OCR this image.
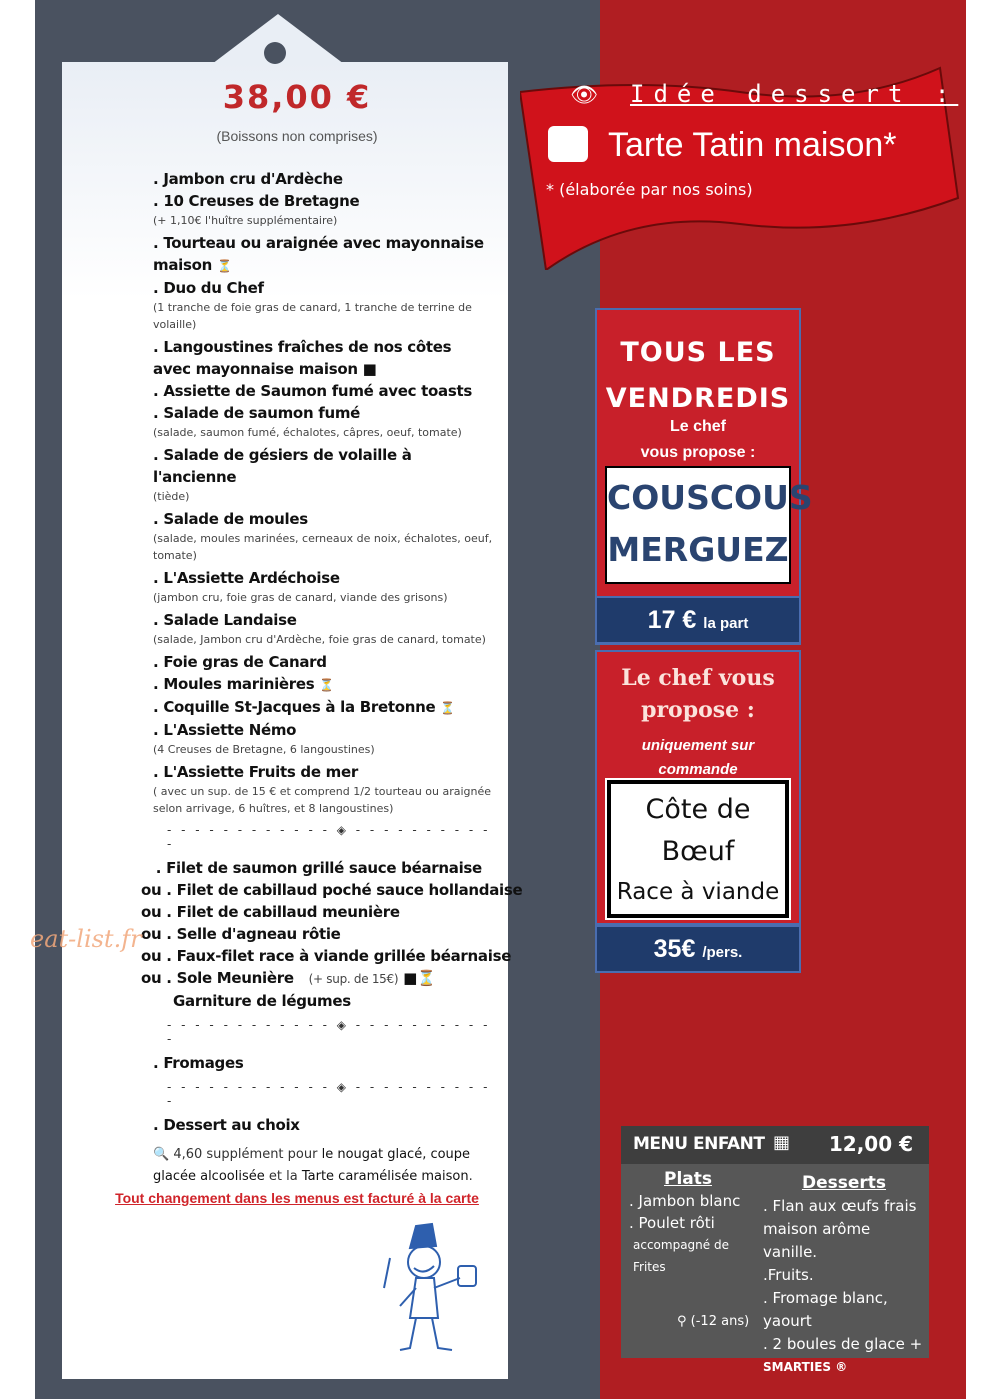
38,00 €
(Boissons non comprises)
. Jambon cru d'Ardèche
. 10 Creuses de Bretagne
(+ 1,10€ l'huître supplémentaire)
. Tourteau ou araignée avec mayonnaise maison ⏳
. Duo du Chef
(1 tranche de foie gras de canard, 1 tranche de terrine de volaille)
. Langoustines fraîches de nos côtes avec mayonnaise maison ■
. Assiette de Saumon fumé avec toasts
. Salade de saumon fumé
(salade, saumon fumé, échalotes, câpres, oeuf, tomate)
. Salade de gésiers de volaille à l'ancienne
(tiède)
. Salade de moules
(salade, moules marinées, cerneaux de noix, échalotes, oeuf, tomate)
. L'Assiette Ardéchoise
(jambon cru, foie gras de canard, viande des grisons)
. Salade Landaise
(salade, Jambon cru d'Ardèche, foie gras de canard, tomate)
. Foie gras de Canard
. Moules marinières ⏳
. Coquille St-Jacques à la Bretonne ⏳
. L'Assiette Némo
(4 Creuses de Bretagne, 6 langoustines)
. L'Assiette Fruits de mer
( avec un sup. de 15 € et comprend 1/2 tourteau ou araignée selon arrivage, 6 huîtres, et 8 langoustines)
- - - - - - - - - - - - ◈ - - - - - - - - - - -
. Filet de saumon grillé sauce béarnaise
ou . Filet de cabillaud poché sauce hollandaise
ou . Filet de cabillaud meunière
ou . Selle d'agneau rôtie
ou . Faux-filet race à viande grillée béarnaise
ou . Sole Meunière (+ sup. de 15€) ■⏳
Garniture de légumes
- - - - - - - - - - - - ◈ - - - - - - - - - - -
. Fromages
- - - - - - - - - - - - ◈ - - - - - - - - - - -
. Dessert au choix
🔍 4,60 supplément pour le nougat glacé, coupe glacée alcoolisée et la Tarte caramélisée maison.
Tout changement dans les menus est facturé à la carte
eat-list.fr
👁 Idée dessert :
Tarte Tatin maison*
* (élaborée par nos soins)
TOUS LES
VENDREDIS
Le chef
vous propose :
COUSCOUS
MERGUEZ
17 € la part
Le chef vous
propose :
uniquement sur
commande
Côte de
Bœuf
Race à viande
35€ /pers.
MENU ENFANT ▦ 12,00 €
Plats
. Jambon blanc
. Poulet rôti
accompagné de Frites
Desserts
. Flan aux œufs frais maison arôme vanille.
.Fruits.
. Fromage blanc, yaourt
. 2 boules de glace +
SMARTIES ®
⚲ (-12 ans)
